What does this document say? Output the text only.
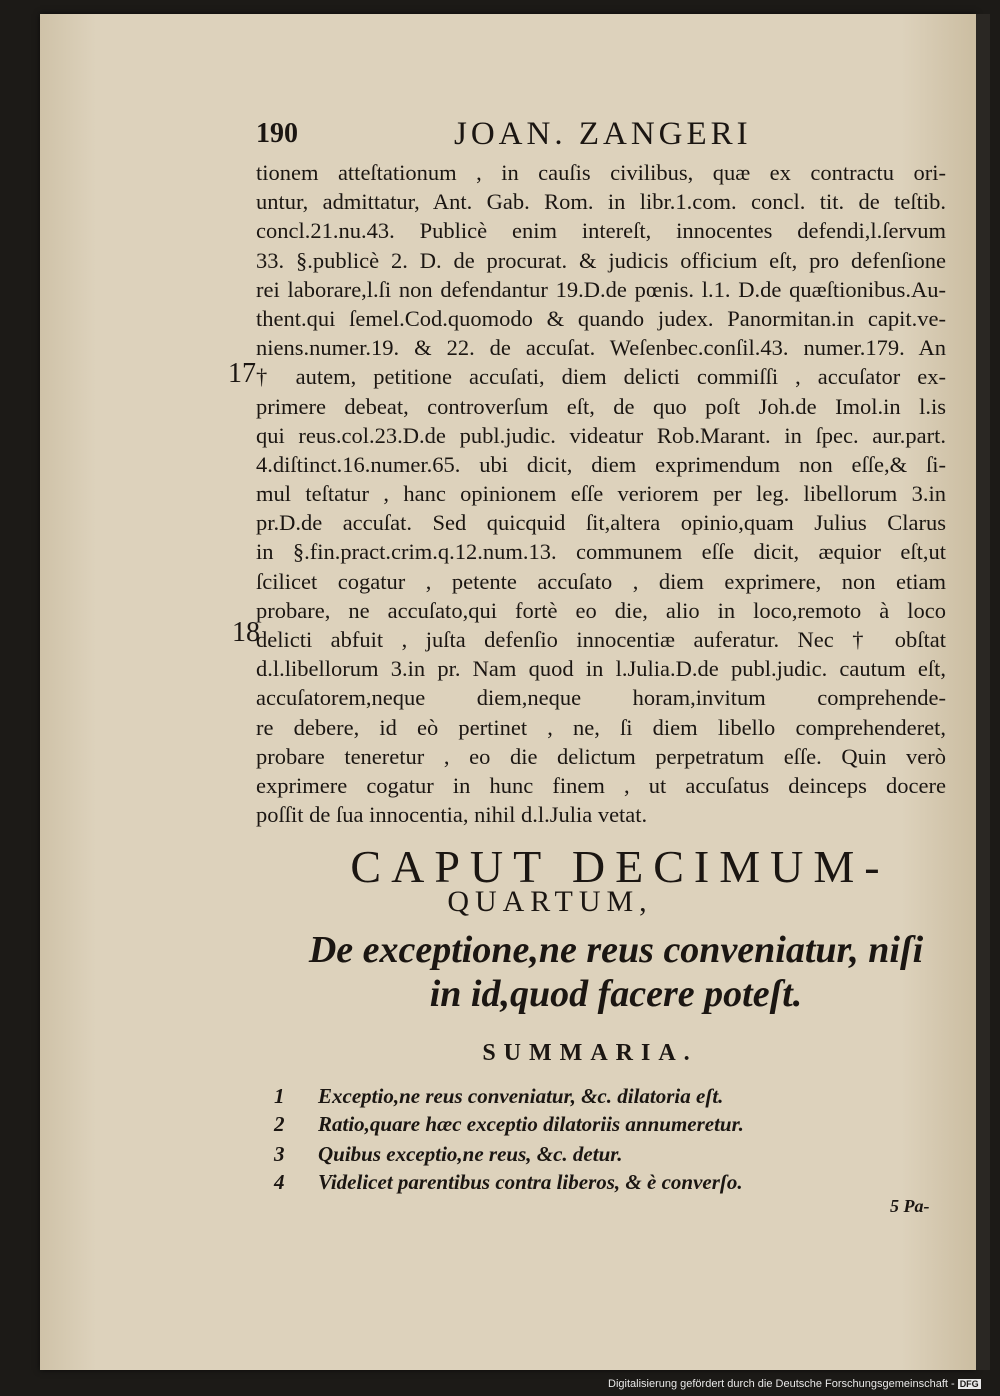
190	JOAN. ZANGERI
17
18
tionem atteſtationum , in cauſis civilibus, quæ ex contractu ori-
untur, admittatur, Ant. Gab. Rom. in libr.1.com. concl. tit. de teſtib.
concl.21.nu.43. Publicè enim intereſt, innocentes defendi,l.ſervum
33. §.publicè 2. D. de procurat. & judicis officium eſt, pro defenſione
rei laborare,l.ſi non defendantur 19.D.de pœnis. l.1. D.de quæſtionibus.Au-
thent.qui ſemel.Cod.quomodo & quando judex. Panormitan.in capit.ve-
niens.numer.19. & 22. de accuſat. Weſenbec.conſil.43. numer.179. An
† autem, petitione accuſati, diem delicti commiſſi , accuſator ex-
primere debeat, controverſum eſt, de quo poſt Joh.de Imol.in l.is
qui reus.col.23.D.de publ.judic. videatur Rob.Marant. in ſpec. aur.part.
4.diſtinct.16.numer.65. ubi dicit, diem exprimendum non eſſe,& ſi-
mul teſtatur , hanc opinionem eſſe veriorem per leg. libellorum 3.in
pr.D.de accuſat. Sed quicquid ſit,altera opinio,quam Julius Clarus
in §.fin.pract.crim.q.12.num.13. communem eſſe dicit, æquior eſt,ut
ſcilicet cogatur , petente accuſato , diem exprimere, non etiam
probare, ne accuſato,qui fortè eo die, alio in loco,remoto à loco
delicti abfuit , juſta defenſio innocentiæ auferatur. Nec † obſtat
d.l.libellorum 3.in pr. Nam quod in l.Julia.D.de publ.judic. cautum eſt,
accuſatorem,neque diem,neque horam,invitum comprehende-
re debere, id eò pertinet , ne, ſi diem libello comprehenderet,
probare teneretur , eo die delictum perpetratum eſſe. Quin verò
exprimere cogatur in hunc finem , ut accuſatus deinceps docere
poſſit de ſua innocentia, nihil d.l.Julia vetat.
CAPUT DECIMUM-
QUARTUM,
De exceptione,ne reus conveniatur, niſi
in id,quod facere poteſt.
SUMMARIA.
1 Exceptio,ne reus conveniatur, &c. dilatoria eſt.
2 Ratio,quare hæc exceptio dilatoriis annumeretur.
3 Quibus exceptio,ne reus, &c. detur.
4 Videlicet parentibus contra liberos, & è converſo.
5 Pa-
Digitalisierung gefördert durch die Deutsche Forschungsgemeinschaft - DFG
